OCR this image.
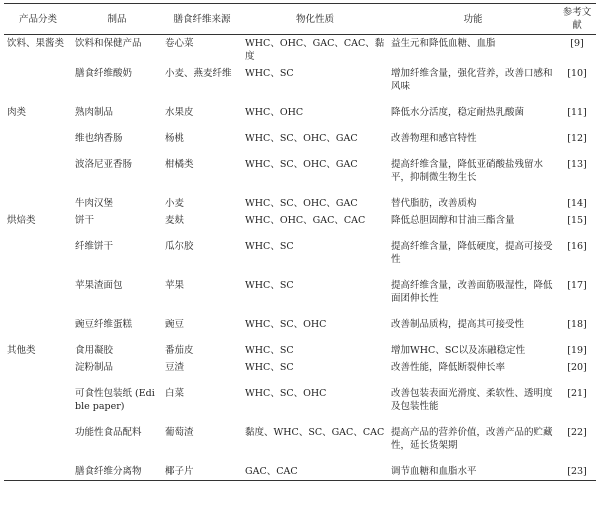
产品分类	制品	膳食纤维来源	物化性质	功能	参考文献
饮料、果酱类	饮料和保健产品	卷心菜	WHC、OHC、GAC、CAC、黏度	益生元和降低血糖、血脂	[9]
	膳食纤维酸奶	小麦、燕麦纤维	WHC、SC	增加纤维含量，强化营养，改善口感和风味	[10]
肉类	熟肉制品	水果皮	WHC、OHC	降低水分活度，稳定耐热乳酸菌	[11]
	维也纳香肠	杨桃	WHC、SC、OHC、GAC	改善物理和感官特性	[12]
	波洛尼亚香肠	柑橘类	WHC、SC、OHC、GAC	提高纤维含量，降低亚硝酸盐残留水平，抑制微生物生长	[13]
	牛肉汉堡	小麦	WHC、SC、OHC、GAC	替代脂肪，改善质构	[14]
烘焙类	饼干	麦麸	WHC、OHC、GAC、CAC	降低总胆固醇和甘油三酯含量	[15]
	纤维饼干	瓜尔胶	WHC、SC	提高纤维含量，降低硬度，提高可接受性	[16]
	苹果渣面包	苹果	WHC、SC	提高纤维含量，改善面筋吸湿性，降低面团伸长性	[17]
	豌豆纤维蛋糕	豌豆	WHC、SC、OHC	改善制品质构，提高其可接受性	[18]
其他类	食用凝胶	番茄皮	WHC、SC	增加WHC、SC以及冻融稳定性	[19]
	淀粉制品	豆渣	WHC、SC	改善性能，降低断裂伸长率	[20]
	可食性包装纸 (Edible paper)	白菜	WHC、SC、OHC	改善包装表面光滑度、柔软性、透明度及包装性能	[21]
	功能性食品配料	葡萄渣	黏度、WHC、SC、GAC、CAC	提高产品的营养价值，改善产品的贮藏性，延长货架期	[22]
	膳食纤维分离物	椰子片	GAC、CAC	调节血糖和血脂水平	[23]
